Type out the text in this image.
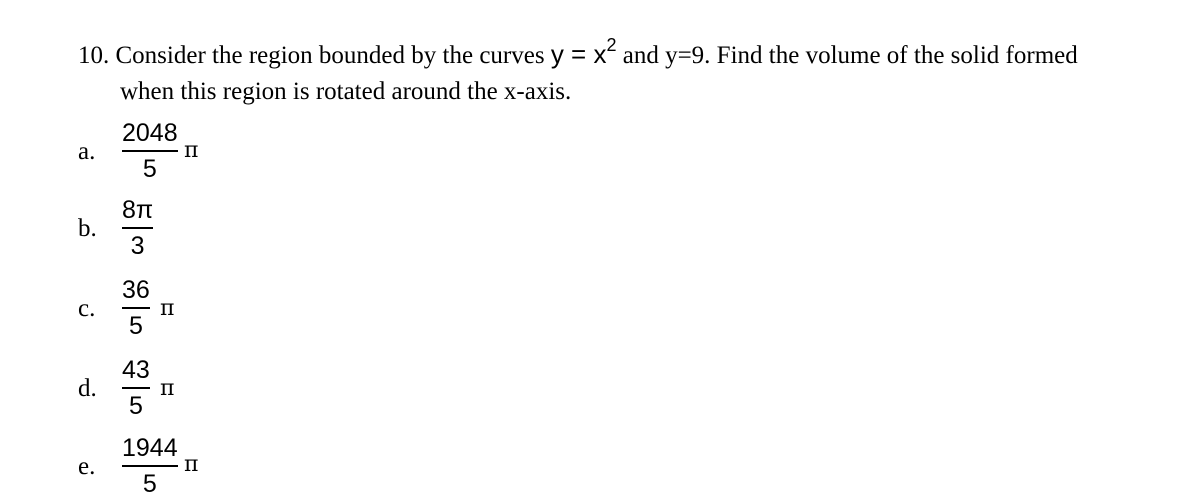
10. Consider the region bounded by the curves $y = x^2$ and y=9. Find the volume of the solid formed
when this region is rotated around the x-axis.
a.
2048
5
π
b.
8π
3
c.
36
5
π
d.
43
5
π
e.
1944
5
π
